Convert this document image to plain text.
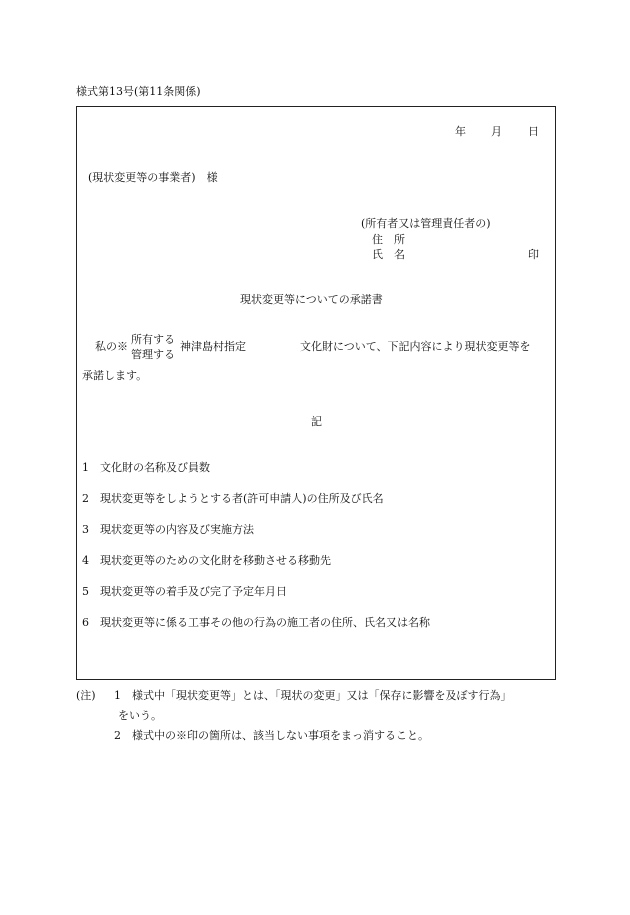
様式第13号(第11条関係)
年 月 日
(現状変更等の事業者)　様
(所有者又は管理責任者の)
住　所
氏　名	印
現状変更等についての承諾書
私の※
所有する
管理する
神津島村指定	文化財について、下記内容により現状変更等を
承諾します。
記
1　文化財の名称及び員数
2　現状変更等をしようとする者(許可申請人)の住所及び氏名
3　現状変更等の内容及び実施方法
4　現状変更等のための文化財を移動させる移動先
5　現状変更等の着手及び完了予定年月日
6　現状変更等に係る工事その他の行為の施工者の住所、氏名又は名称
(注) 1 様式中「現状変更等」とは、「現状の変更」又は「保存に影響を及ぼす行為」
をいう。
2 様式中の※印の箇所は、該当しない事項をまっ消すること。
